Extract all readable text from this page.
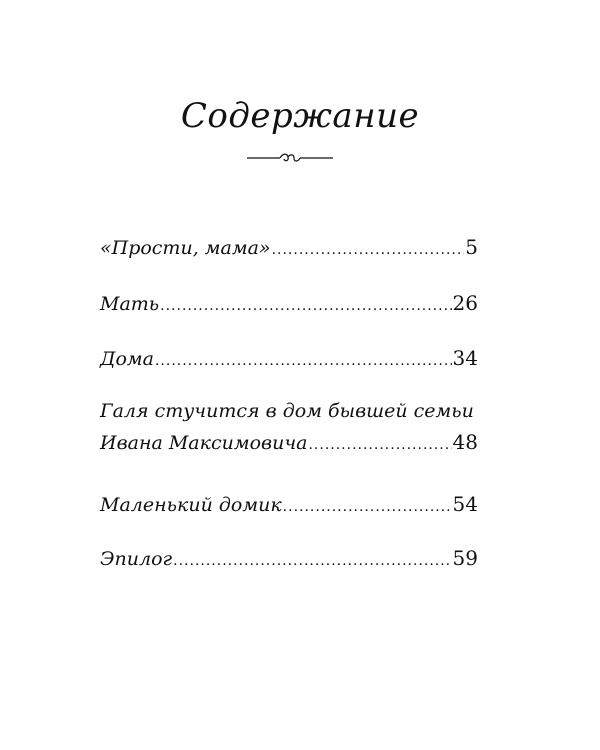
Содержание
«Прости, мама» .....	5
Мать .....	26
Дома .....	34
Галя стучится в дом бывшей семьи
Ивана Максимовича .....	48
Маленький домик .....	54
Эпилог .....	59
